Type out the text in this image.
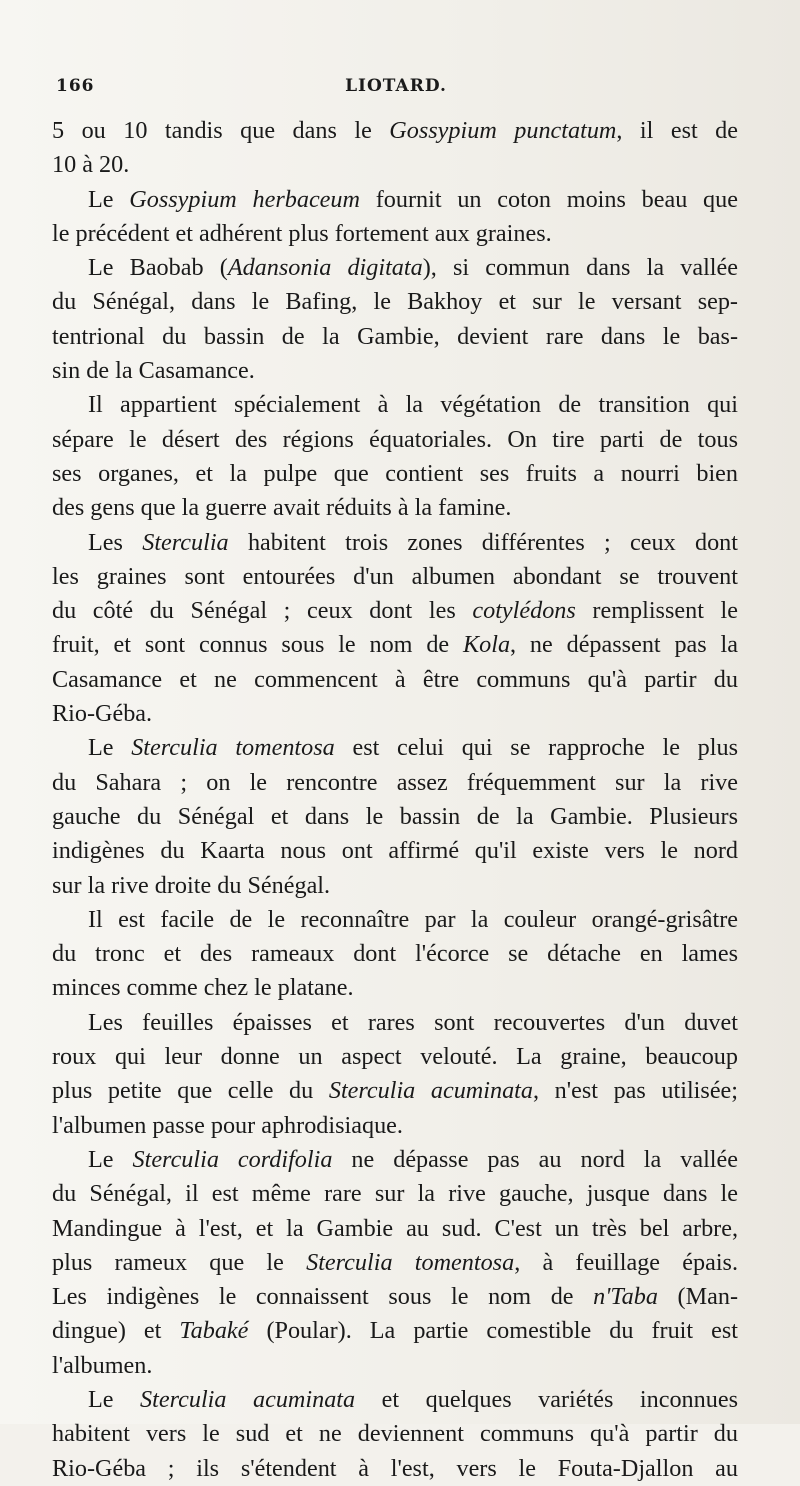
166	LIOTARD.
5 ou 10 tandis que dans le Gossypium punctatum, il est de
10 à 20.
Le Gossypium herbaceum fournit un coton moins beau que
le précédent et adhérent plus fortement aux graines.
Le Baobab (Adansonia digitata), si commun dans la vallée
du Sénégal, dans le Bafing, le Bakhoy et sur le versant sep-
tentrional du bassin de la Gambie, devient rare dans le bas-
sin de la Casamance.
Il appartient spécialement à la végétation de transition qui
sépare le désert des régions équatoriales. On tire parti de tous
ses organes, et la pulpe que contient ses fruits a nourri bien
des gens que la guerre avait réduits à la famine.
Les Sterculia habitent trois zones différentes ; ceux dont
les graines sont entourées d'un albumen abondant se trouvent
du côté du Sénégal ; ceux dont les cotylédons remplissent le
fruit, et sont connus sous le nom de Kola, ne dépassent pas la
Casamance et ne commencent à être communs qu'à partir du
Rio-Géba.
Le Sterculia tomentosa est celui qui se rapproche le plus
du Sahara ; on le rencontre assez fréquemment sur la rive
gauche du Sénégal et dans le bassin de la Gambie. Plusieurs
indigènes du Kaarta nous ont affirmé qu'il existe vers le nord
sur la rive droite du Sénégal.
Il est facile de le reconnaître par la couleur orangé-grisâtre
du tronc et des rameaux dont l'écorce se détache en lames
minces comme chez le platane.
Les feuilles épaisses et rares sont recouvertes d'un duvet
roux qui leur donne un aspect velouté. La graine, beaucoup
plus petite que celle du Sterculia acuminata, n'est pas utilisée;
l'albumen passe pour aphrodisiaque.
Le Sterculia cordifolia ne dépasse pas au nord la vallée
du Sénégal, il est même rare sur la rive gauche, jusque dans le
Mandingue à l'est, et la Gambie au sud. C'est un très bel arbre,
plus rameux que le Sterculia tomentosa, à feuillage épais.
Les indigènes le connaissent sous le nom de n'Taba (Man-
dingue) et Tabaké (Poular). La partie comestible du fruit est
l'albumen.
Le Sterculia acuminata et quelques variétés inconnues
habitent vers le sud et ne deviennent communs qu'à partir du
Rio-Géba ; ils s'étendent à l'est, vers le Fouta-Djallon au
